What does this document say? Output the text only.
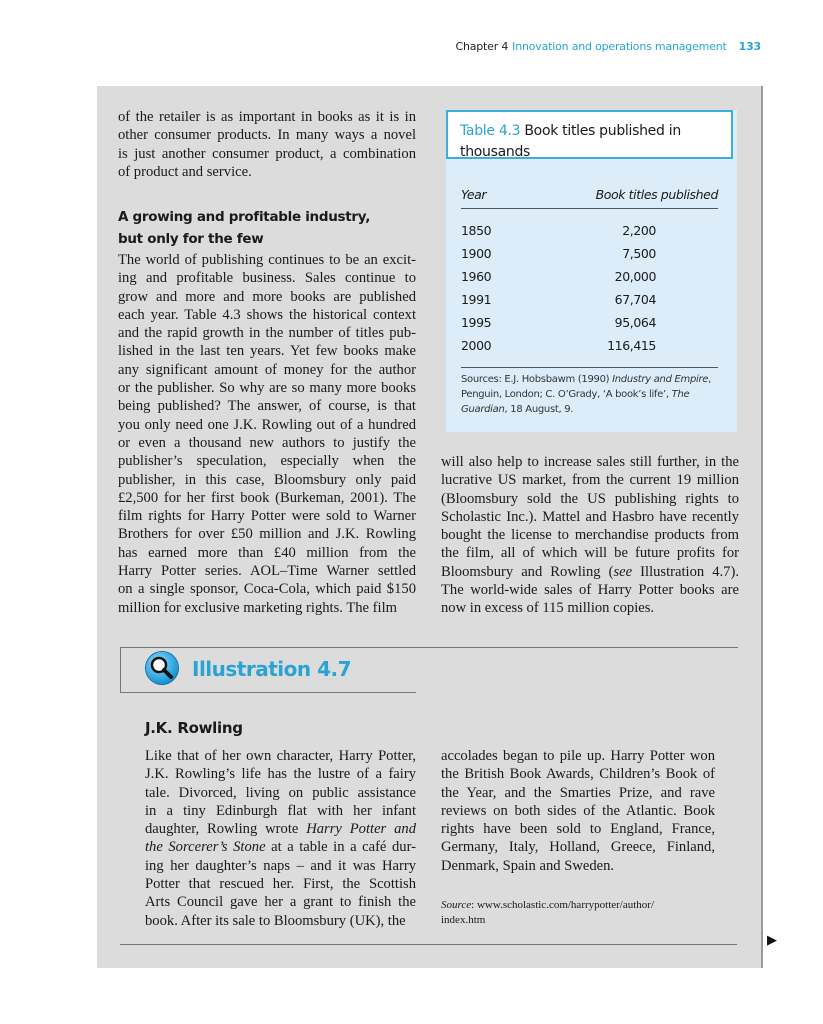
Chapter 4 Innovation and operations management 133
of the retailer is as important in books as it is in
other consumer products. In many ways a novel
is just another consumer product, a combination
of product and service.
A growing and profitable industry,
but only for the few
The world of publishing continues to be an excit-
ing and profitable business. Sales continue to
grow and more and more books are published
each year. Table 4.3 shows the historical context
and the rapid growth in the number of titles pub-
lished in the last ten years. Yet few books make
any significant amount of money for the author
or the publisher. So why are so many more books
being published? The answer, of course, is that
you only need one J.K. Rowling out of a hundred
or even a thousand new authors to justify the
publisher’s speculation, especially when the
publisher, in this case, Bloomsbury only paid
£2,500 for her first book (Burkeman, 2001). The
film rights for Harry Potter were sold to Warner
Brothers for over £50 million and J.K. Rowling
has earned more than £40 million from the
Harry Potter series. AOL–Time Warner settled
on a single sponsor, Coca-Cola, which paid $150
million for exclusive marketing rights. The film
will also help to increase sales still further, in the
lucrative US market, from the current 19 million
(Bloomsbury sold the US publishing rights to
Scholastic Inc.). Mattel and Hasbro have recently
bought the license to merchandise products from
the film, all of which will be future profits for
Bloomsbury and Rowling (see Illustration 4.7).
The world-wide sales of Harry Potter books are
now in excess of 115 million copies.
Table 4.3 Book titles published in thousands
Year	Book titles published
1850	2,200
1900	7,500
1960	20,000
1991	67,704
1995	95,064
2000	116,415
Sources: E.J. Hobsbawm (1990) Industry and Empire, Penguin, London; C. O’Grady, ‘A book’s life’, The Guardian, 18 August, 9.
Illustration 4.7
J.K. Rowling
Like that of her own character, Harry Potter,
J.K. Rowling’s life has the lustre of a fairy
tale. Divorced, living on public assistance
in a tiny Edinburgh flat with her infant
daughter, Rowling wrote Harry Potter and
the Sorcerer’s Stone at a table in a café dur-
ing her daughter’s naps – and it was Harry
Potter that rescued her. First, the Scottish
Arts Council gave her a grant to finish the
book. After its sale to Bloomsbury (UK), the
accolades began to pile up. Harry Potter won
the British Book Awards, Children’s Book of
the Year, and the Smarties Prize, and rave
reviews on both sides of the Atlantic. Book
rights have been sold to England, France,
Germany, Italy, Holland, Greece, Finland,
Denmark, Spain and Sweden.
Source: www.scholastic.com/harrypotter/author/
index.htm
▶
